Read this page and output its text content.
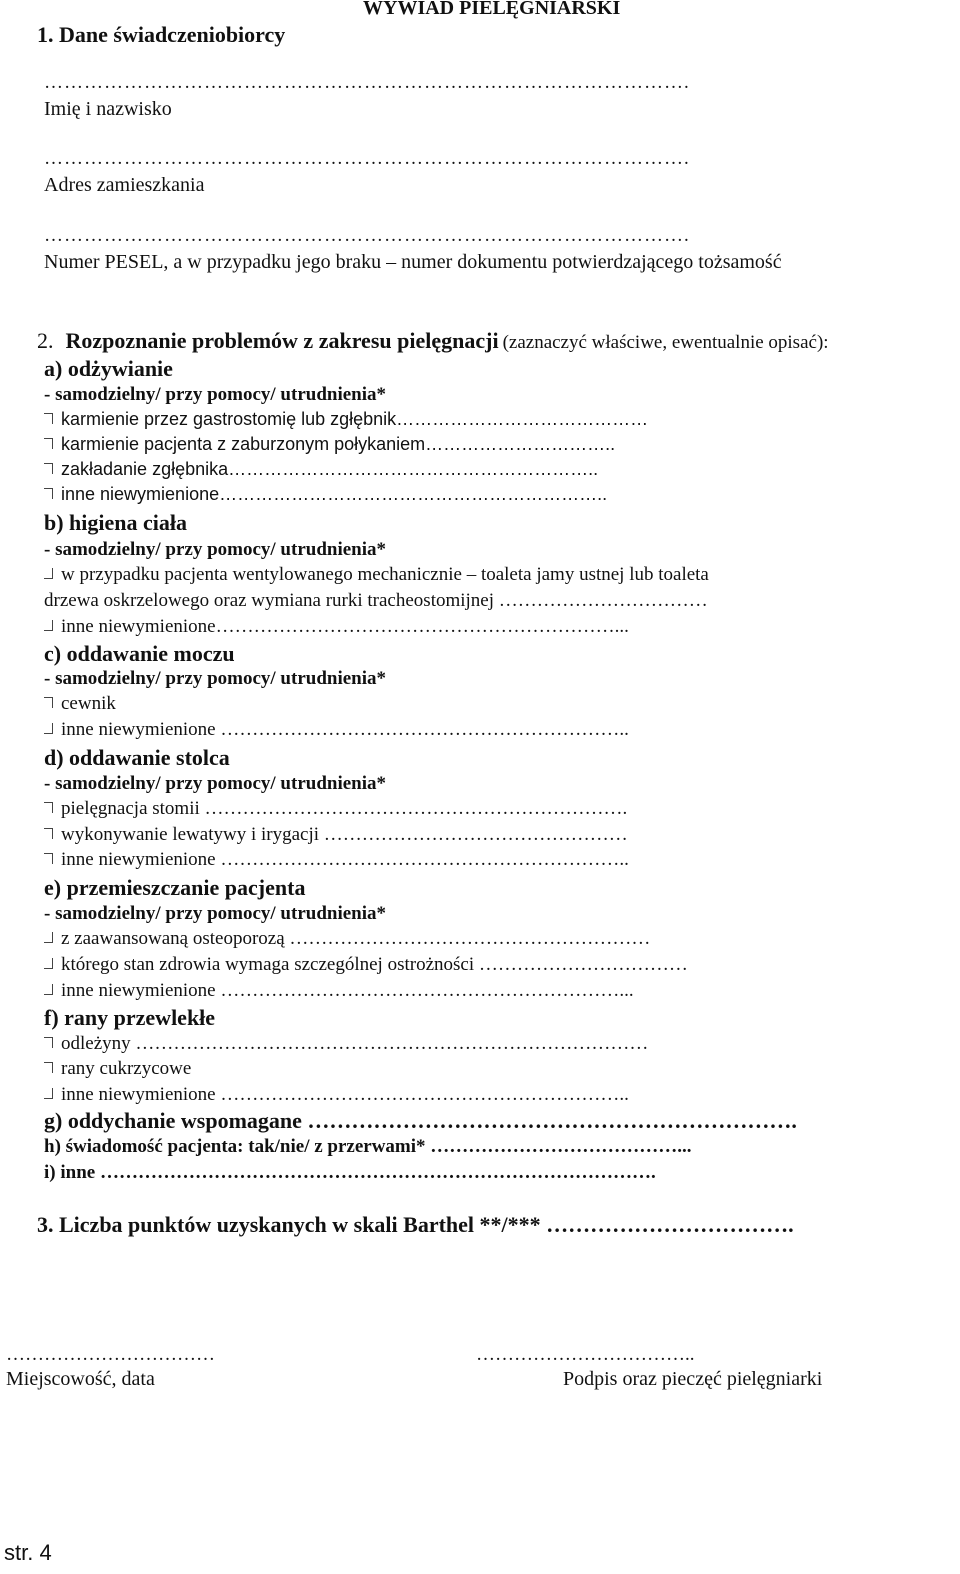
WYWIAD PIELĘGNIARSKI
1. Dane świadczeniobiorcy
…………………………………………………………………………………….
Imię i nazwisko
…………………………………………………………………………………….
Adres zamieszkania
…………………………………………………………………………………….
Numer PESEL, a w przypadku jego braku – numer dokumentu potwierdzającego tożsamość
2. Rozpoznanie problemów z zakresu pielęgnacji (zaznaczyć właściwe, ewentualnie opisać):
a) odżywianie
- samodzielny/ przy pomocy/ utrudnienia*
karmienie przez gastrostomię lub zgłębnik……………………………………
karmienie pacjenta z zaburzonym połykaniem…………………………..
zakładanie zgłębnika……………………………………………………..
inne niewymienione………………………………………………………..
b) higiena ciała
- samodzielny/ przy pomocy/ utrudnienia*
w przypadku pacjenta wentylowanego mechanicznie – toaleta jamy ustnej lub toaleta
drzewa oskrzelowego oraz wymiana rurki tracheostomijnej ……………………………
inne niewymienione………………………………………………………...
c) oddawanie moczu
- samodzielny/ przy pomocy/ utrudnienia*
cewnik
inne niewymienione ………………………………………………………..
d) oddawanie stolca
- samodzielny/ przy pomocy/ utrudnienia*
pielęgnacja stomii ………………………………………………………….
wykonywanie lewatywy i irygacji …………………………………………
inne niewymienione ………………………………………………………..
e) przemieszczanie pacjenta
- samodzielny/ przy pomocy/ utrudnienia*
z zaawansowaną osteoporozą …………………………………………………
którego stan zdrowia wymaga szczególnej ostrożności ……………………………
inne niewymienione ………………………………………………………...
f) rany przewlekłe
odleżyny ………………………………………………………………………
rany cukrzycowe
inne niewymienione ………………………………………………………..
g) oddychanie wspomagane ………………………………………………………….
h) świadomość pacjenta: tak/nie/ z przerwami* …………………………………...
i) inne …………………………………………………………………………….
3. Liczba punktów uzyskanych w skali Barthel **/*** …………………………….
……………………………
Miejscowość, data
……………………………..
Podpis oraz pieczęć pielęgniarki
str. 4
